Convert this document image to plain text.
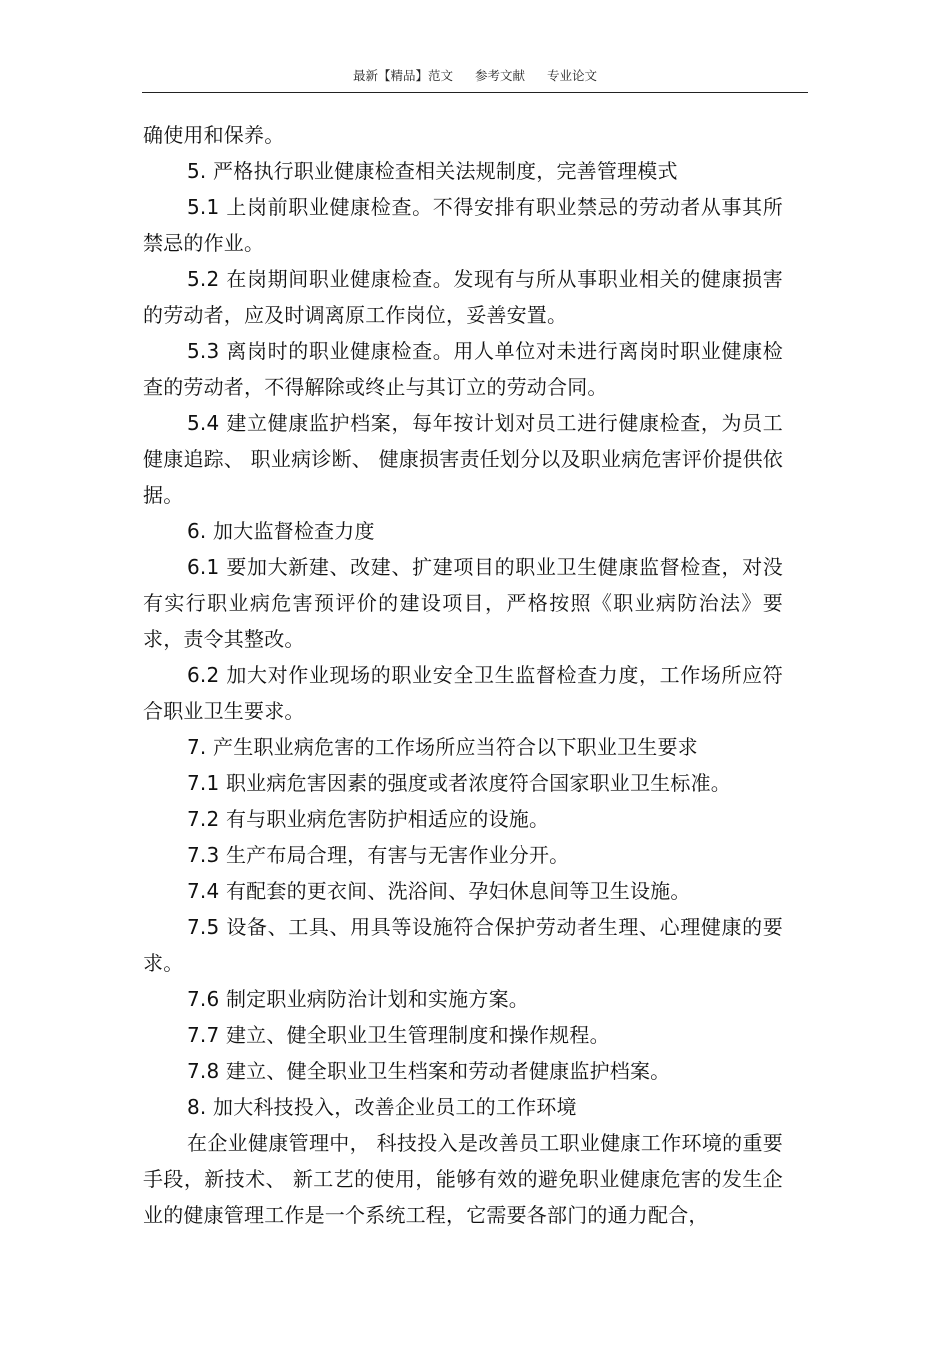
最新【精品】范文 参考文献 专业论文

确使用和保养。

5. 严格执行职业健康检查相关法规制度，完善管理模式

5.1 上岗前职业健康检查。不得安排有职业禁忌的劳动者从事其所禁忌的作业。

5.2 在岗期间职业健康检查。发现有与所从事职业相关的健康损害的劳动者，应及时调离原工作岗位，妥善安置。

5.3 离岗时的职业健康检查。用人单位对未进行离岗时职业健康检查的劳动者，不得解除或终止与其订立的劳动合同。

5.4 建立健康监护档案，每年按计划对员工进行健康检查，为员工健康追踪、 职业病诊断、 健康损害责任划分以及职业病危害评价提供依据。

6. 加大监督检查力度

6.1 要加大新建、改建、扩建项目的职业卫生健康监督检查，对没有实行职业病危害预评价的建设项目，严格按照《职业病防治法》要求，责令其整改。

6.2 加大对作业现场的职业安全卫生监督检查力度，工作场所应符合职业卫生要求。

7. 产生职业病危害的工作场所应当符合以下职业卫生要求

7.1 职业病危害因素的强度或者浓度符合国家职业卫生标准。

7.2 有与职业病危害防护相适应的设施。

7.3 生产布局合理，有害与无害作业分开。

7.4 有配套的更衣间、洗浴间、孕妇休息间等卫生设施。

7.5 设备、工具、用具等设施符合保护劳动者生理、心理健康的要求。

7.6 制定职业病防治计划和实施方案。

7.7 建立、健全职业卫生管理制度和操作规程。

7.8 建立、健全职业卫生档案和劳动者健康监护档案。

8. 加大科技投入，改善企业员工的工作环境

在企业健康管理中， 科技投入是改善员工职业健康工作环境的重要手段，新技术、 新工艺的使用，能够有效的避免职业健康危害的发生企业的健康管理工作是一个系统工程，它需要各部门的通力配合，
